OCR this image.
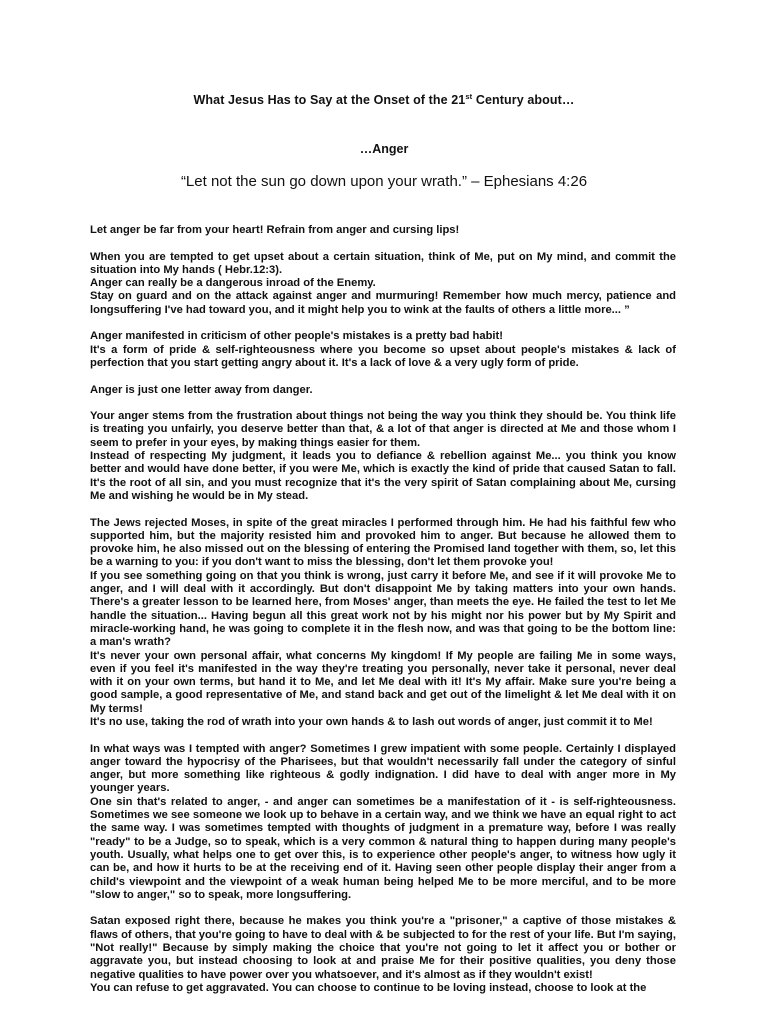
What Jesus Has to Say at the Onset of the 21st Century about…
…Anger
“Let not the sun go down upon your wrath.” – Ephesians 4:26

Let anger be far from your heart! Refrain from anger and cursing lips!

When you are tempted to get upset about a certain situation, think of Me, put on My mind, and commit the situation into My hands ( Hebr.12:3).

Anger can really be a dangerous inroad of the Enemy.

Stay on guard and on the attack against anger and murmuring! Remember how much mercy, patience and longsuffering I've had toward you, and it might help you to wink at the faults of others a little more... ”

Anger manifested in criticism of other people's mistakes is a pretty bad habit!

It's a form of pride & self-righteousness where you become so upset about people's mistakes & lack of perfection that you start getting angry about it. It's a lack of love & a very ugly form of pride.

Anger is just one letter away from danger.

Your anger stems from the frustration about things not being the way you think they should be. You think life is treating you unfairly, you deserve better than that, & a lot of that anger is directed at Me and those whom I seem to prefer in your eyes, by making things easier for them.

Instead of respecting My judgment, it leads you to defiance & rebellion against Me... you think you know better and would have done better, if you were Me, which is exactly the kind of pride that caused Satan to fall. It's the root of all sin, and you must recognize that it's the very spirit of Satan complaining about Me, cursing Me and wishing he would be in My stead.

The Jews rejected Moses, in spite of the great miracles I performed through him. He had his faithful few who supported him, but the majority resisted him and provoked him to anger. But because he allowed them to provoke him, he also missed out on the blessing of entering the Promised land together with them, so, let this be a warning to you: if you don't want to miss the blessing, don't let them provoke you!

If you see something going on that you think is wrong, just carry it before Me, and see if it will provoke Me to anger, and I will deal with it accordingly. But don't disappoint Me by taking matters into your own hands. There's a greater lesson to be learned here, from Moses' anger, than meets the eye. He failed the test to let Me handle the situation... Having begun all this great work not by his might nor his power but by My Spirit and miracle-working hand, he was going to complete it in the flesh now, and was that going to be the bottom line: a man's wrath?

It's never your own personal affair, what concerns My kingdom! If My people are failing Me in some ways, even if you feel it's manifested in the way they're treating you personally, never take it personal, never deal with it on your own terms, but hand it to Me, and let Me deal with it! It's My affair. Make sure you're being a good sample, a good representative of Me, and stand back and get out of the limelight & let Me deal with it on My terms!

It's no use, taking the rod of wrath into your own hands & to lash out words of anger, just commit it to Me!

In what ways was I tempted with anger? Sometimes I grew impatient with some people. Certainly I displayed anger toward the hypocrisy of the Pharisees, but that wouldn't necessarily fall under the category of sinful anger, but more something like righteous & godly indignation. I did have to deal with anger more in My younger years.

One sin that's related to anger, - and anger can sometimes be a manifestation of it - is self-righteousness. Sometimes we see someone we look up to behave in a certain way, and we think we have an equal right to act the same way. I was sometimes tempted with thoughts of judgment in a premature way, before I was really "ready" to be a Judge, so to speak, which is a very common & natural thing to happen during many people's youth. Usually, what helps one to get over this, is to experience other people's anger, to witness how ugly it can be, and how it hurts to be at the receiving end of it. Having seen other people display their anger from a child's viewpoint and the viewpoint of a weak human being helped Me to be more merciful, and to be more "slow to anger," so to speak, more longsuffering.

Satan exposed right there, because he makes you think you're a "prisoner," a captive of those mistakes & flaws of others, that you're going to have to deal with & be subjected to for the rest of your life. But I'm saying, "Not really!" Because by simply making the choice that you're not going to let it affect you or bother or aggravate you, but instead choosing to look at and praise Me for their positive qualities, you deny those negative qualities to have power over you whatsoever, and it's almost as if they wouldn't exist!

You can refuse to get aggravated. You can choose to continue to be loving instead, choose to look at the
